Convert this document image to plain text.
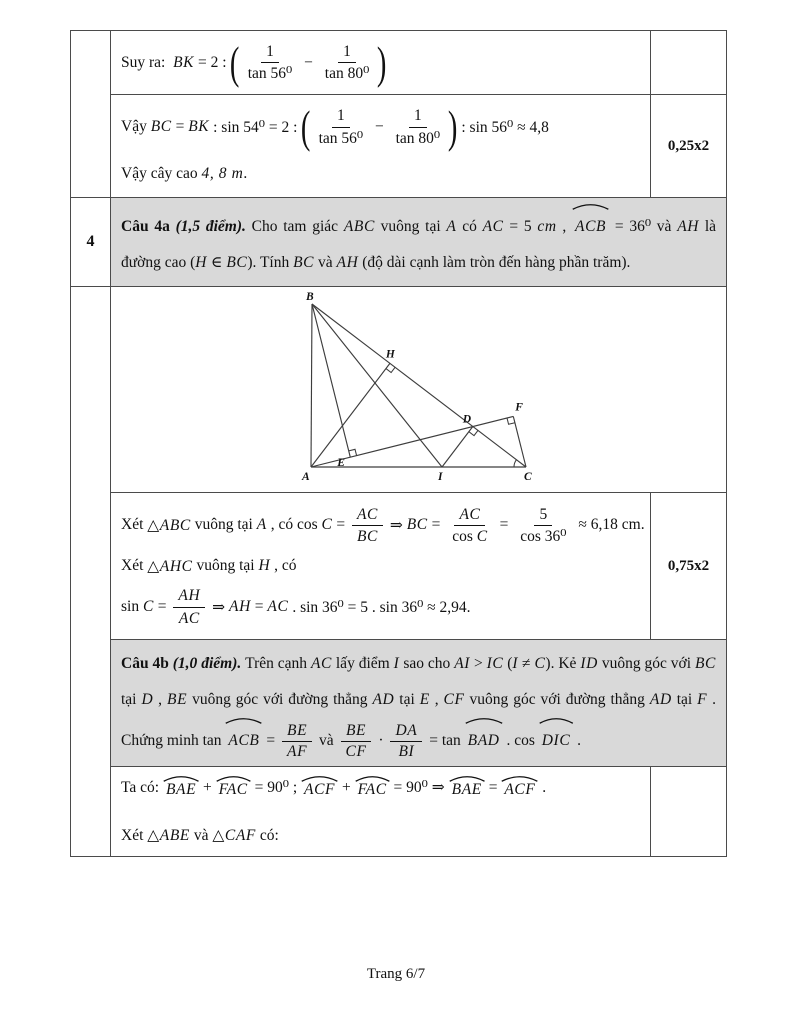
Suy ra: BK = 2 : ( $\frac{1}{\text{tan 56⁰}} - \frac{1}{\text{tan 80⁰}}$ )

Vậy BC = BK : sin 54⁰ = 2 : ( $\frac{1}{\text{tan 56⁰}} - \frac{1}{\text{tan 80⁰}}$ ) : sin 56⁰ ≈ 4,8
Vậy cây cao 4, 8 m .
	0,25x2
4	Câu 4a (1,5 điểm). Cho tam giác ABC vuông tại A có AC = 5 cm ,
ACB = 36⁰ và AH là đường cao (H ∈ BC). Tính BC và AH (độ dài cạnh làm tròn đến hàng phần trăm).	

A
B
C
I
H
D
E
F

Xét △ABC vuông tại A , có $\cos C = \frac{AC}{BC}$ ⇒ BC = $\frac{AC}{\text{cos C}} = \frac{5}{\text{cos 36⁰}} \approx 6,18$ cm.
Xét △AHC vuông tại H , có
$\sin C = \frac{AH}{AC}$ ⇒ AH = AC . sin 36⁰ = 5 . sin 36⁰ ≈ 2,94.
	0,75x2

Câu 4b (1,0 điểm). Trên cạnh AC lấy điểm I sao cho AI > IC (I ≠ C). Kẻ ID vuông góc với BC tại D , BE vuông góc với đường thẳng AD tại E , CF vuông góc với đường thẳng AD tại F . Chứng minh tan
ACB = $\frac{BE}{AF}$ và $\frac{BE}{CF} \cdot \frac{DA}{BI} = \tan$
BAD . cos
DIC .

Ta có: BAE + FAC = 90⁰ ; ACF + FAC = 90⁰ ⇒ BAE = ACF .
Xét △ABE và △CAF có:

Trang 6/7
